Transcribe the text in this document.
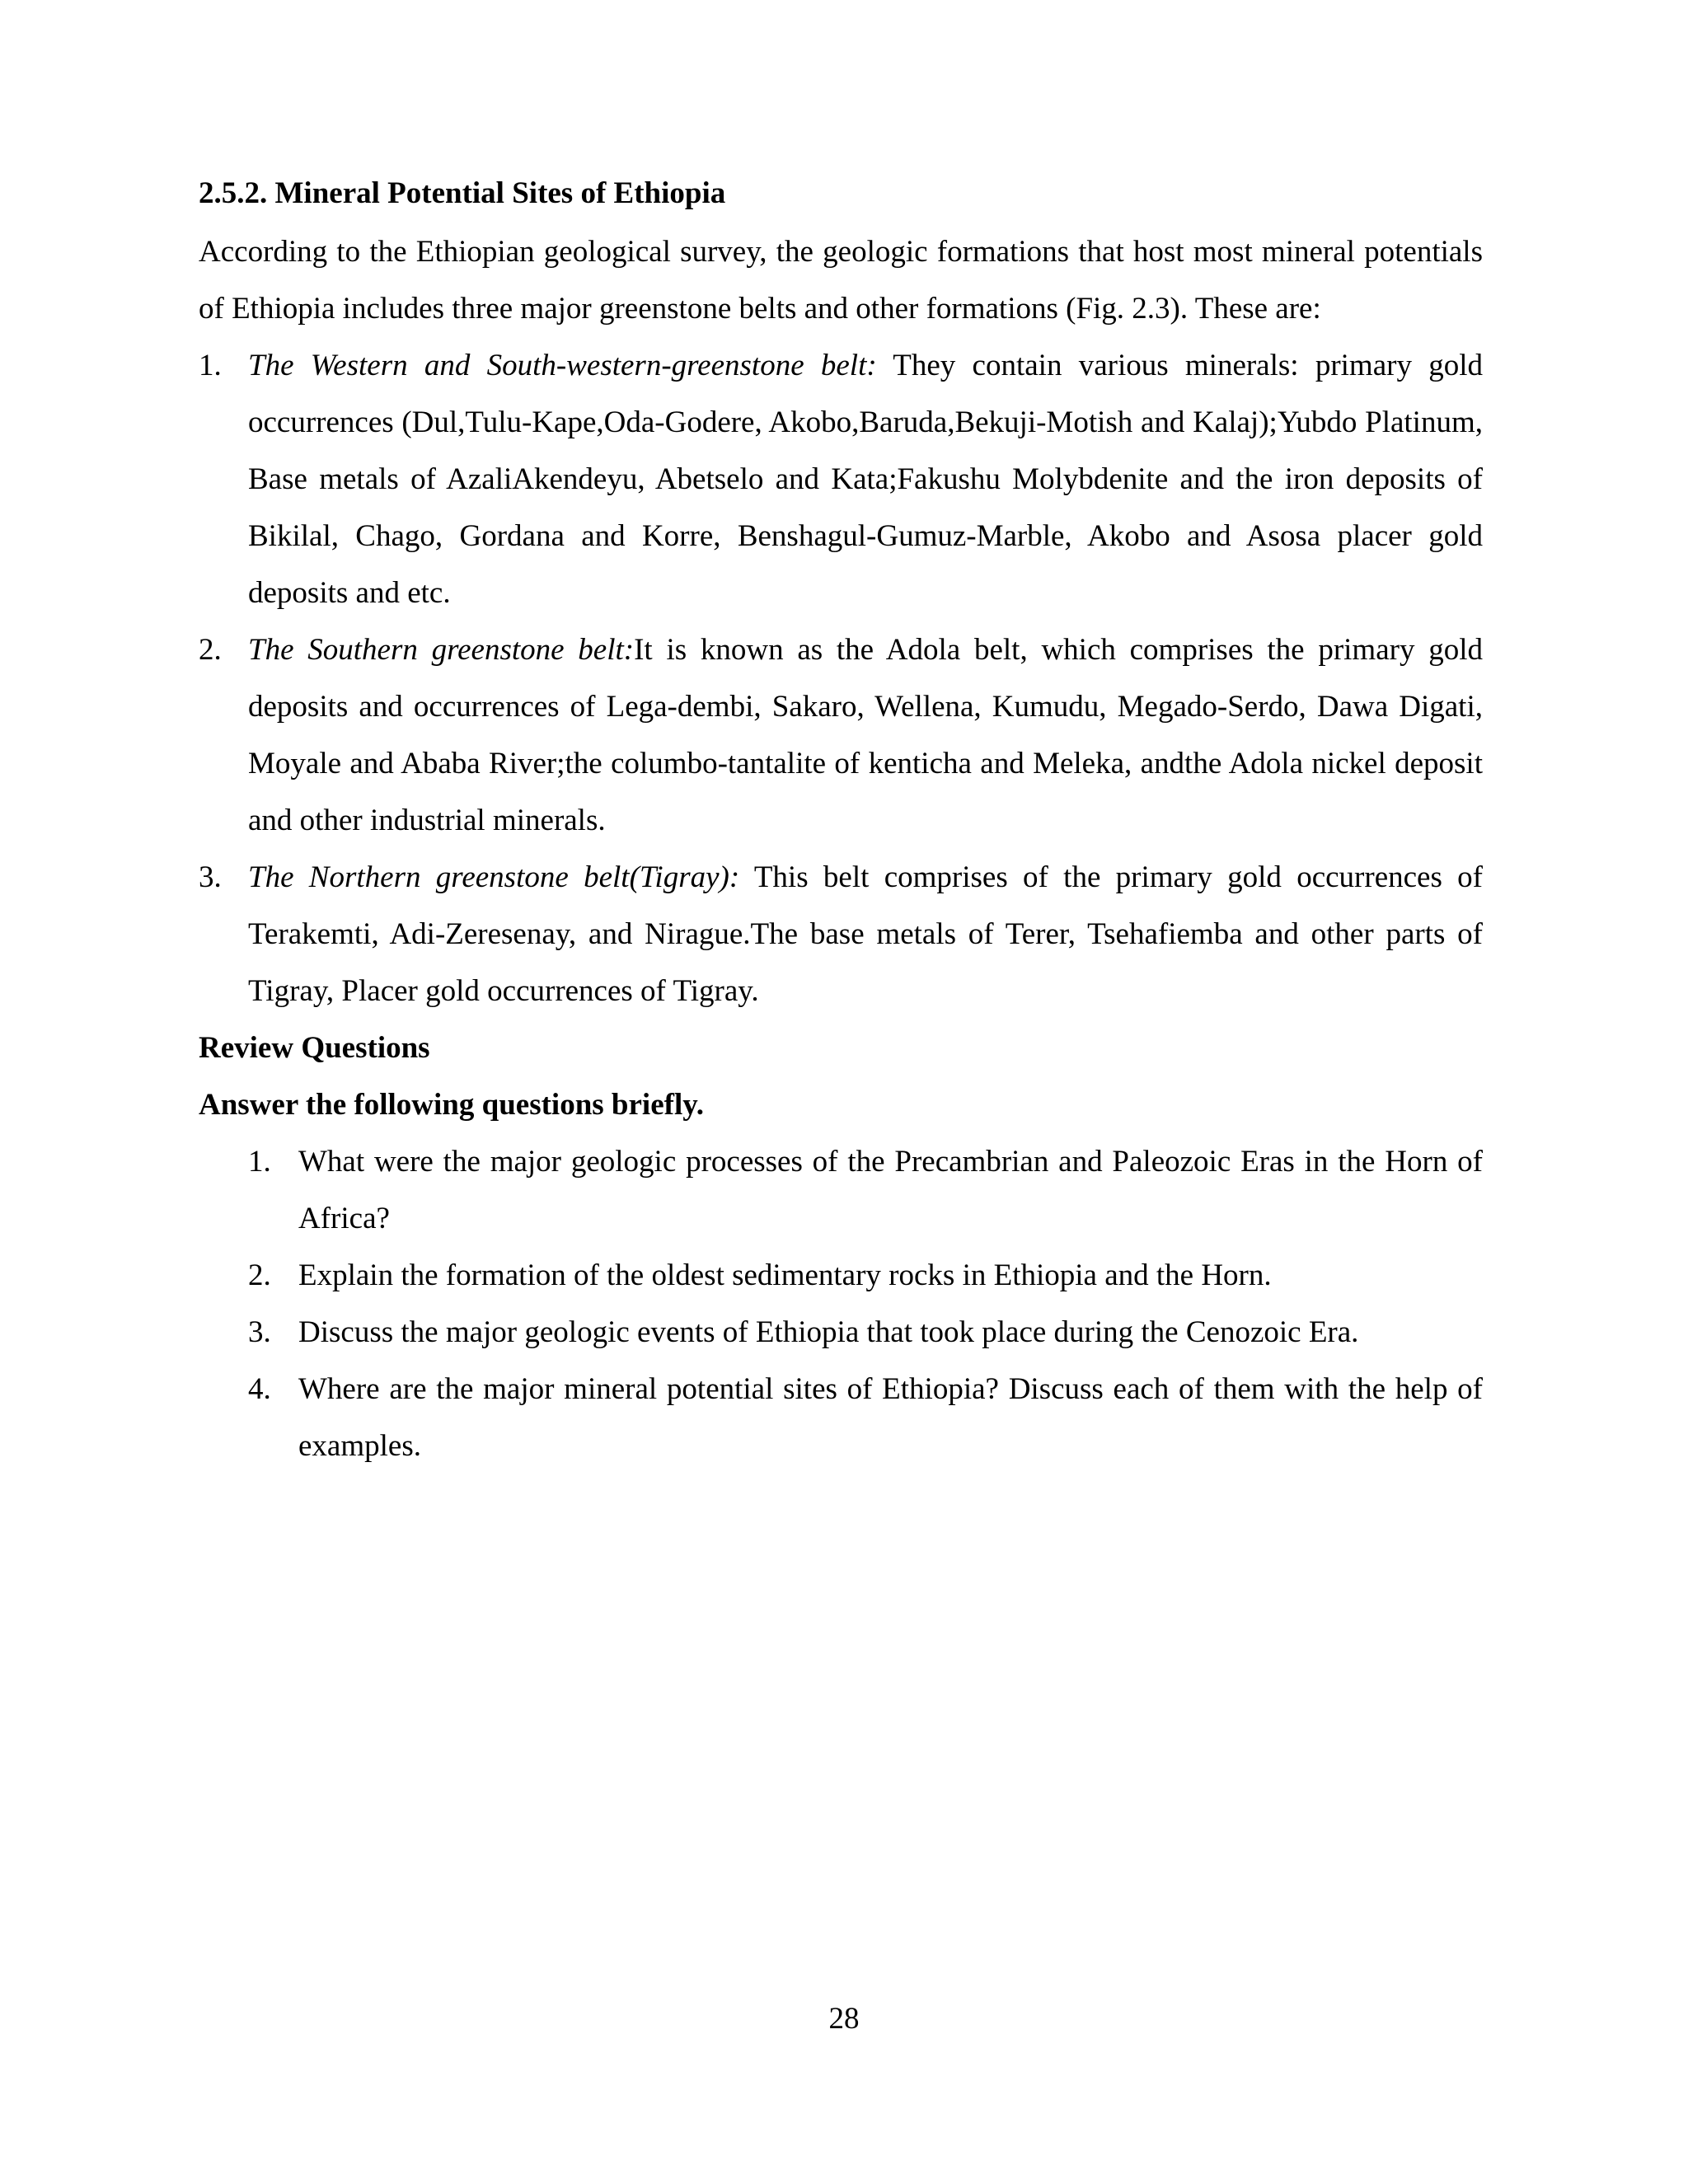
2.5.2. Mineral Potential Sites of Ethiopia

According to the Ethiopian geological survey, the geologic formations that host most mineral potentials of Ethiopia includes three major greenstone belts and other formations (Fig. 2.3). These are:

1. The Western and South-western-greenstone belt: They contain various minerals: primary gold occurrences (Dul,Tulu-Kape,Oda-Godere, Akobo,Baruda,Bekuji-Motish and Kalaj);Yubdo Platinum, Base metals of AzaliAkendeyu, Abetselo and Kata;Fakushu Molybdenite and the iron deposits of Bikilal, Chago, Gordana and Korre, Benshagul-Gumuz-Marble, Akobo and Asosa placer gold deposits and etc.
2. The Southern greenstone belt:It is known as the Adola belt, which comprises the primary gold deposits and occurrences of Lega-dembi, Sakaro, Wellena, Kumudu, Megado-Serdo, Dawa Digati, Moyale and Ababa River;the columbo-tantalite of kenticha and Meleka, andthe Adola nickel deposit and other industrial minerals.
3. The Northern greenstone belt(Tigray): This belt comprises of the primary gold occurrences of Terakemti, Adi-Zeresenay, and Nirague.The base metals of Terer, Tsehafiemba and other parts of Tigray, Placer gold occurrences of Tigray.

Review Questions

Answer the following questions briefly.

1. What were the major geologic processes of the Precambrian and Paleozoic Eras in the Horn of Africa?
2. Explain the formation of the oldest sedimentary rocks in Ethiopia and the Horn.
3. Discuss the major geologic events of Ethiopia that took place during the Cenozoic Era.
4. Where are the major mineral potential sites of Ethiopia? Discuss each of them with the help of examples.
28
